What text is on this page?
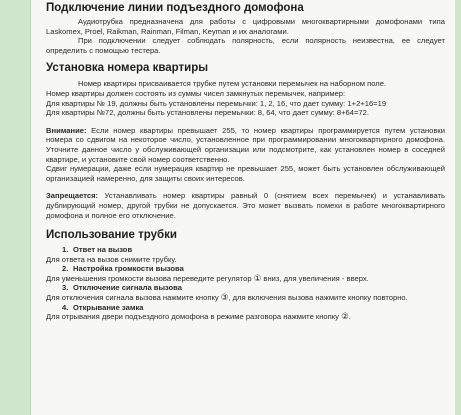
Подключение линии подъездного домофона

Аудиотрубка предназначена для работы с цифровыми многоквартирными домофонами типа Laskomex, Proel, Raikman, Rainman, Filman, Keyman и их аналогами.

При подключении следует соблюдать полярность, если полярность неизвестна, ее следует определить с помощью тестера.

Установка номера квартиры

Номер квартиры присваивается трубке путем установки перемычек на наборном поле.

Номер квартиры должен состоять из суммы чисел замкнутых перемычек, например:

Для квартиры № 19, должны быть установлены перемычки: 1, 2, 16, что дает сумму: 1+2+16=19

Для квартиры №72, должны быть установлены перемычки: 8, 64, что дает сумму: 8+64=72.

Внимание: Если номер квартиры превышает 255, то номер квартиры программируется путем установки номера со сдвигом на некоторое число, установленное при программировании многоквартирного домофона. Уточните данное число у обслуживающей организации или подсмотрите, как установлен номер в соседней квартире, и установите свой номер соответственно.

Сдвиг нумерации, даже если нумерация квартир не превышает 255, может быть установлен обслуживающей организацией намеренно, для защиты своих интересов.

Запрещается: Устанавливать номер квартиры равный 0 (снятием всех перемычек) и устанавливать дублирующий номер, другой трубки не допускается. Это может вызвать помехи в работе многоквартирного домофона и полное его отключение.

Использование трубки
1. Ответ на вызов
Для ответа на вызов снимите трубку.
2. Настройка громкости вызова
Для уменьшения громкости вызова переведите регулятор ① вниз, для увеличения - вверх.
3. Отключение сигнала вызова
Для отключения сигнала вызова нажмите кнопку ③, для включения вызова нажмите кнопку повторно.
4. Открывание замка
Для отрывания двери подъездного домофона в режиме разговора нажмите кнопку ②.
